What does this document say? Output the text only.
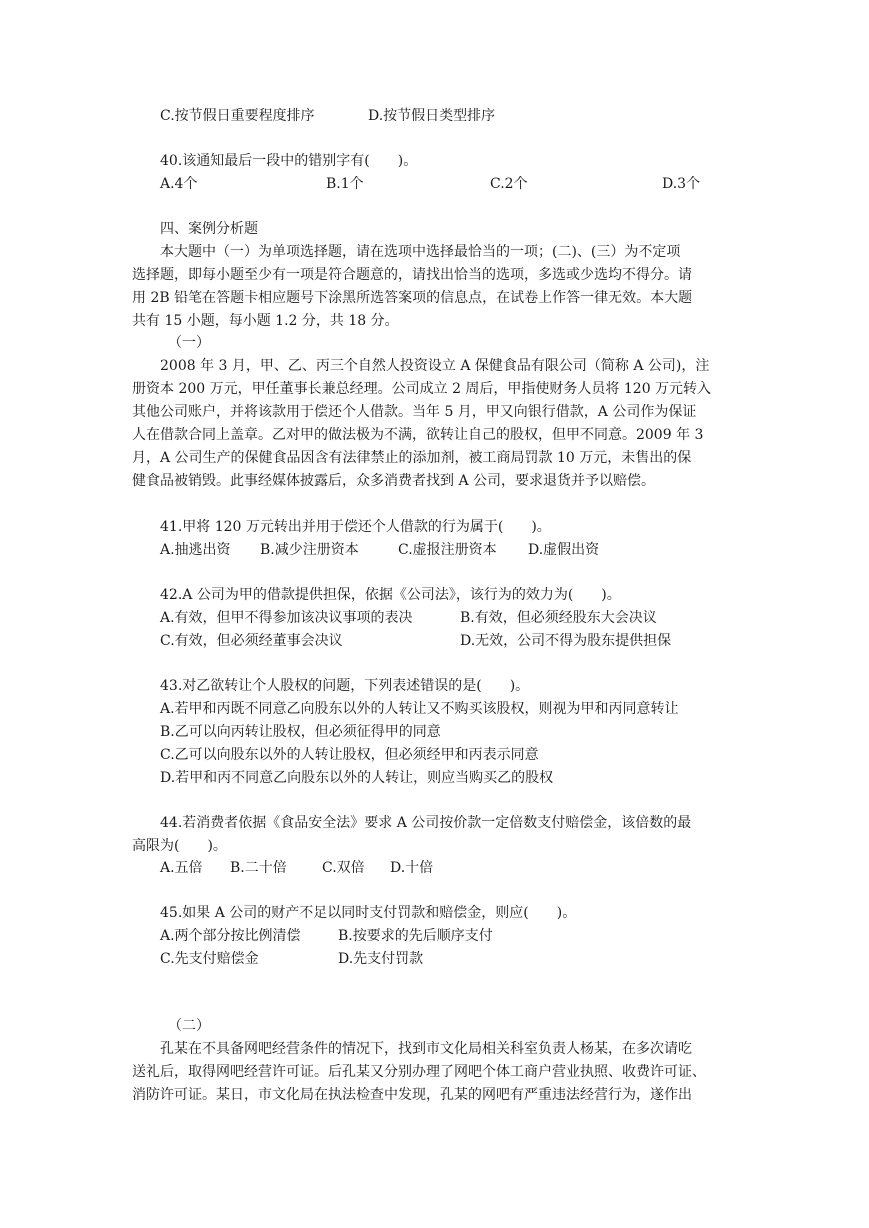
C.按节假日重要程度排序	D.按节假日类型排序
40.该通知最后一段中的错别字有(　　)。
A.4个	B.1个	C.2个	D.3个
四、案例分析题
本大题中（一）为单项选择题，请在选项中选择最恰当的一项；(二)、(三）为不定项
选择题，即每小题至少有一项是符合题意的，请找出恰当的选项，多选或少选均不得分。请
用 2B 铅笔在答题卡相应题号下涂黑所选答案项的信息点，在试卷上作答一律无效。本大题
共有 15 小题，每小题 1.2 分，共 18 分。
（一）
2008 年 3 月，甲、乙、丙三个自然人投资设立 A 保健食品有限公司（简称 A 公司)，注
册资本 200 万元，甲任董事长兼总经理。公司成立 2 周后，甲指使财务人员将 120 万元转入
其他公司账户，并将该款用于偿还个人借款。当年 5 月，甲又向银行借款，A 公司作为保证
人在借款合同上盖章。乙对甲的做法极为不满，欲转让自己的股权，但甲不同意。2009 年 3
月，A 公司生产的保健食品因含有法律禁止的添加剂，被工商局罚款 10 万元，未售出的保
健食品被销毁。此事经媒体披露后，众多消费者找到 A 公司，要求退货并予以赔偿。
41.甲将 120 万元转出并用于偿还个人借款的行为属于(　　)。
A.抽逃出资 B.减少注册资本	C.虚报注册资本 D.虚假出资
42.A 公司为甲的借款提供担保，依据《公司法》，该行为的效力为(　　)。
A.有效，但甲不得参加该决议事项的表决	B.有效，但必须经股东大会决议
C.有效，但必须经董事会决议	D.无效，公司不得为股东提供担保
43.对乙欲转让个人股权的问题，下列表述错误的是(　　)。
A.若甲和丙既不同意乙向股东以外的人转让又不购买该股权，则视为甲和丙同意转让
B.乙可以向丙转让股权，但必须征得甲的同意
C.乙可以向股东以外的人转让股权，但必须经甲和丙表示同意
D.若甲和丙不同意乙向股东以外的人转让，则应当购买乙的股权
44.若消费者依据《食品安全法》要求 A 公司按价款一定倍数支付赔偿金，该倍数的最
高限为(　　)。
A.五倍 B.二十倍	C.双倍 D.十倍
45.如果 A 公司的财产不足以同时支付罚款和赔偿金，则应(　　)。
A.两个部分按比例清偿	B.按要求的先后顺序支付
C.先支付赔偿金	D.先支付罚款
（二）
孔某在不具备网吧经营条件的情况下，找到市文化局相关科室负责人杨某，在多次请吃
送礼后，取得网吧经营许可证。后孔某又分别办理了网吧个体工商户营业执照、收费许可证、
消防许可证。某日，市文化局在执法检查中发现，孔某的网吧有严重违法经营行为，遂作出
